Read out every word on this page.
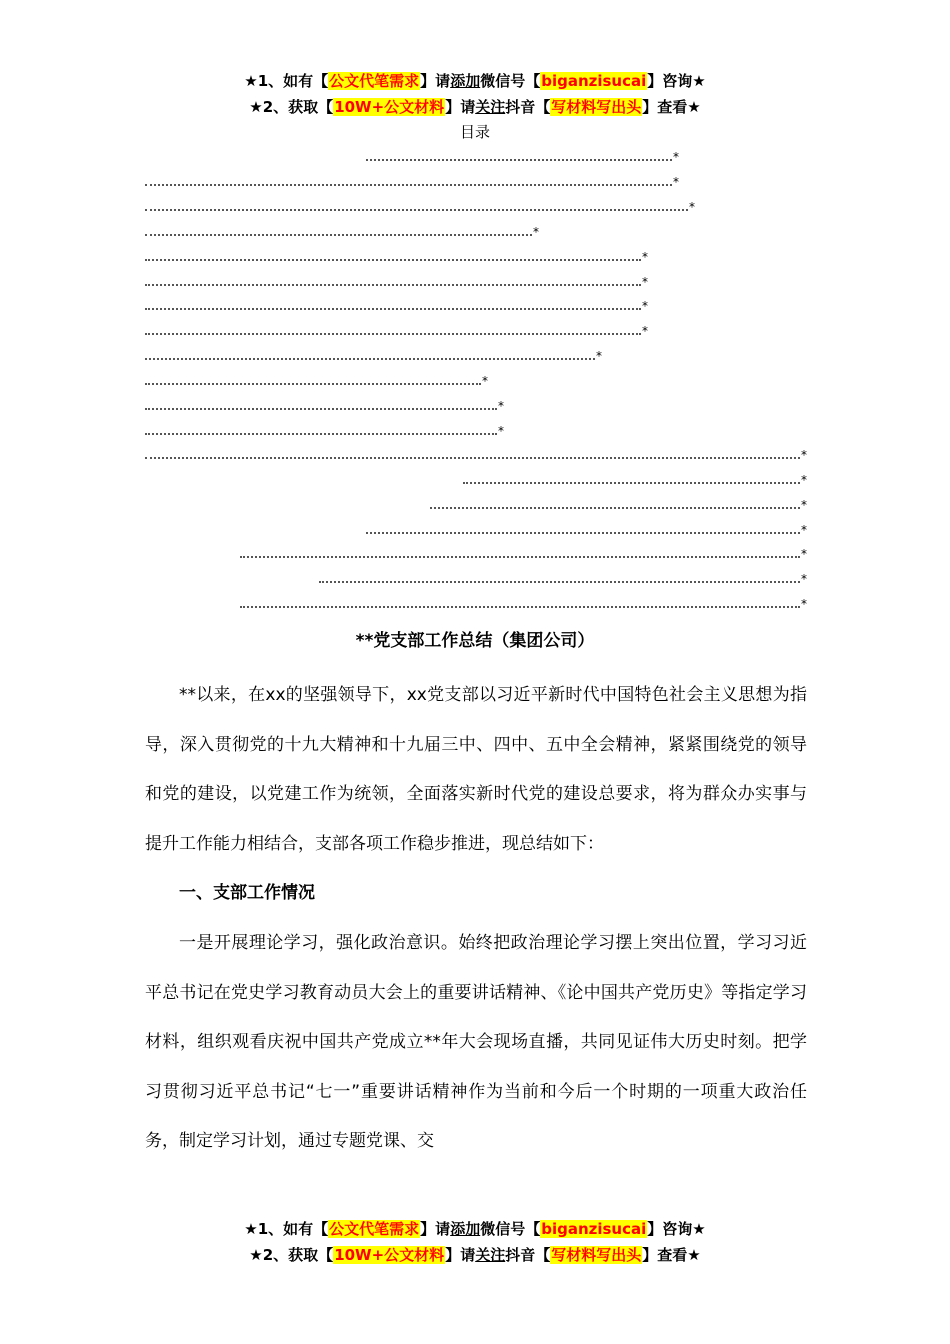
★1、如有【公文代笔需求】请添加微信号【biganzisucai】咨询★
★2、获取【10W+公文材料】请关注抖音【写材料写出头】查看★
目录
*
*
*
*
*
*
*
*
*
*
*
*
*
*
*
*
*
*
*
**党支部工作总结（集团公司）

**以来，在xx的坚强领导下，xx党支部以习近平新时代中国特色社会主义思想为指导，深入贯彻党的十九大精神和十九届三中、四中、五中全会精神，紧紧围绕党的领导和党的建设，以党建工作为统领，全面落实新时代党的建设总要求，将为群众办实事与提升工作能力相结合，支部各项工作稳步推进，现总结如下：

一、支部工作情况

一是开展理论学习，强化政治意识。始终把政治理论学习摆上突出位置，学习习近平总书记在党史学习教育动员大会上的重要讲话精神、《论中国共产党历史》等指定学习材料，组织观看庆祝中国共产党成立**年大会现场直播，共同见证伟大历史时刻。把学习贯彻习近平总书记“七一”重要讲话精神作为当前和今后一个时期的一项重大政治任务，制定学习计划，通过专题党课、交

★1、如有【公文代笔需求】请添加微信号【biganzisucai】咨询★
★2、获取【10W+公文材料】请关注抖音【写材料写出头】查看★
